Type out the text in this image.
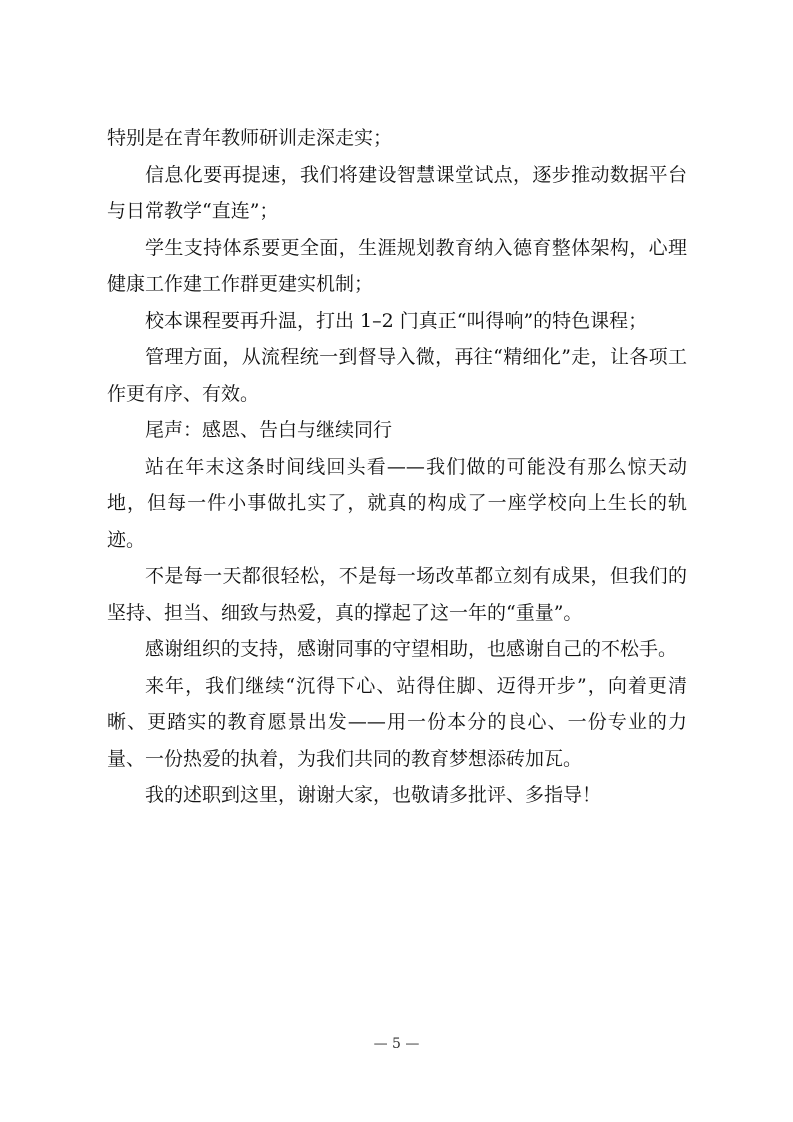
特别是在青年教师研训走深走实；

信息化要再提速，我们将建设智慧课堂试点，逐步推动数据平台与日常教学“直连”；

学生支持体系要更全面，生涯规划教育纳入德育整体架构，心理健康工作建工作群更建实机制；

校本课程要再升温，打出 1–2 门真正“叫得响”的特色课程；

管理方面，从流程统一到督导入微，再往“精细化”走，让各项工作更有序、有效。

尾声：感恩、告白与继续同行

站在年末这条时间线回头看——我们做的可能没有那么惊天动地，但每一件小事做扎实了，就真的构成了一座学校向上生长的轨迹。

不是每一天都很轻松，不是每一场改革都立刻有成果，但我们的坚持、担当、细致与热爱，真的撑起了这一年的“重量”。

感谢组织的支持，感谢同事的守望相助，也感谢自己的不松手。

来年，我们继续“沉得下心、站得住脚、迈得开步”，向着更清晰、更踏实的教育愿景出发——用一份本分的良心、一份专业的力量、一份热爱的执着，为我们共同的教育梦想添砖加瓦。

我的述职到这里，谢谢大家，也敬请多批评、多指导！

— 5 —
